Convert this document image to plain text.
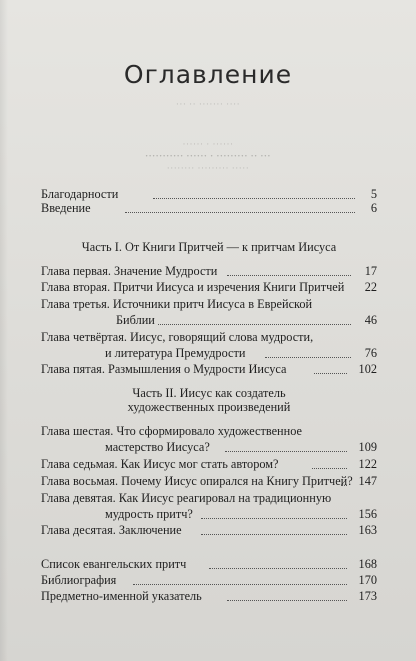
··· ·· ······· ····
······ · ······
··········· ······ · ········· ·· ···
········ ········· ·····
Оглавление
Благодарности	5
Введение	6
Часть I. От Книги Притчей — к притчам Иисуса
Глава первая. Значение Мудрости	17
Глава вторая. Притчи Иисуса и изречения Книги Притчей 22
Глава третья. Источники притч Иисуса в Еврейской
Библии	46
Глава четвёртая. Иисус, говорящий слова мудрости,
и литература Премудрости	76
Глава пятая. Размышления о Мудрости Иисуса	102
Часть II. Иисус как создатель
художественных произведений
Глава шестая. Что сформировало художественное
мастерство Иисуса?	109
Глава седьмая. Как Иисус мог стать автором?	122
Глава восьмая. Почему Иисус опирался на Книгу Притчей? 147
Глава девятая. Как Иисус реагировал на традиционную
мудрость притч?	156
Глава десятая. Заключение	163
Список евангельских притч	168
Библиография	170
Предметно-именной указатель	173
